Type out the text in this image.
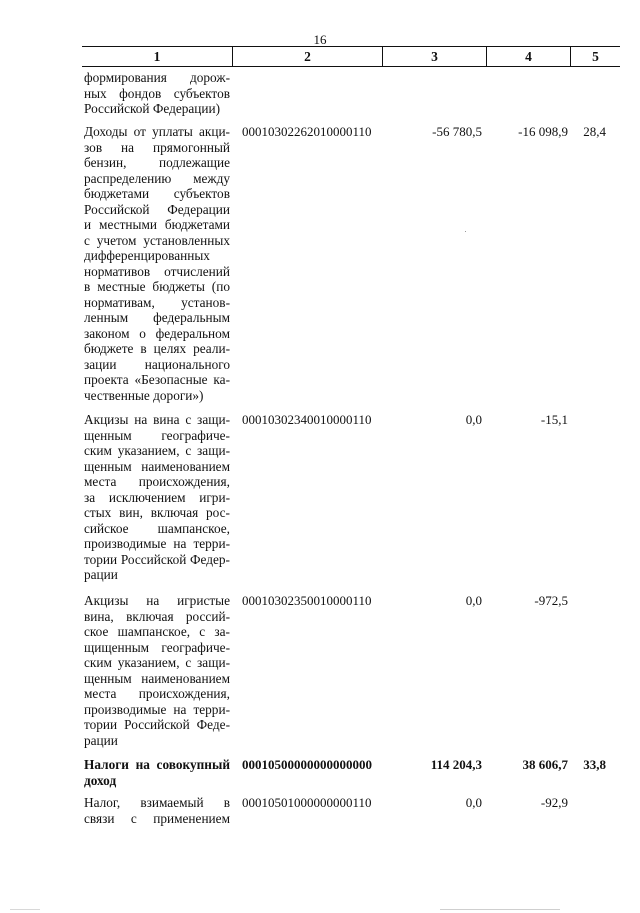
16
1	2	3	4	5
формирования дорож-
ных фондов субъектов
Российской Федерации)
Доходы от уплаты акци-
зов на прямогонный
бензин, подлежащие
распределению между
бюджетами субъектов
Российской Федерации
и местными бюджетами
с учетом установленных
дифференцированных
нормативов отчислений
в местные бюджеты (по
нормативам, установ-
ленным федеральным
законом о федеральном
бюджете в целях реали-
зации национального
проекта «Безопасные ка-
чественные дороги»)
00010302262010000110	-56 780,5	-16 098,9	28,4
Акцизы на вина с защи-
щенным географиче-
ским указанием, с защи-
щенным наименованием
места происхождения,
за исключением игри-
стых вин, включая рос-
сийское шампанское,
производимые на терри-
тории Российской Федер-
рации
00010302340010000110	0,0	-15,1
Акцизы на игристые
вина, включая россий-
ское шампанское, с за-
щищенным географиче-
ским указанием, с защи-
щенным наименованием
места происхождения,
производимые на терри-
тории Российской Феде-
рации
00010302350010000110	0,0	-972,5
Налоги на совокупный
доход
00010500000000000000	114 204,3	38 606,7	33,8
Налог, взимаемый в
связи с применением
00010501000000000110	0,0	-92,9
